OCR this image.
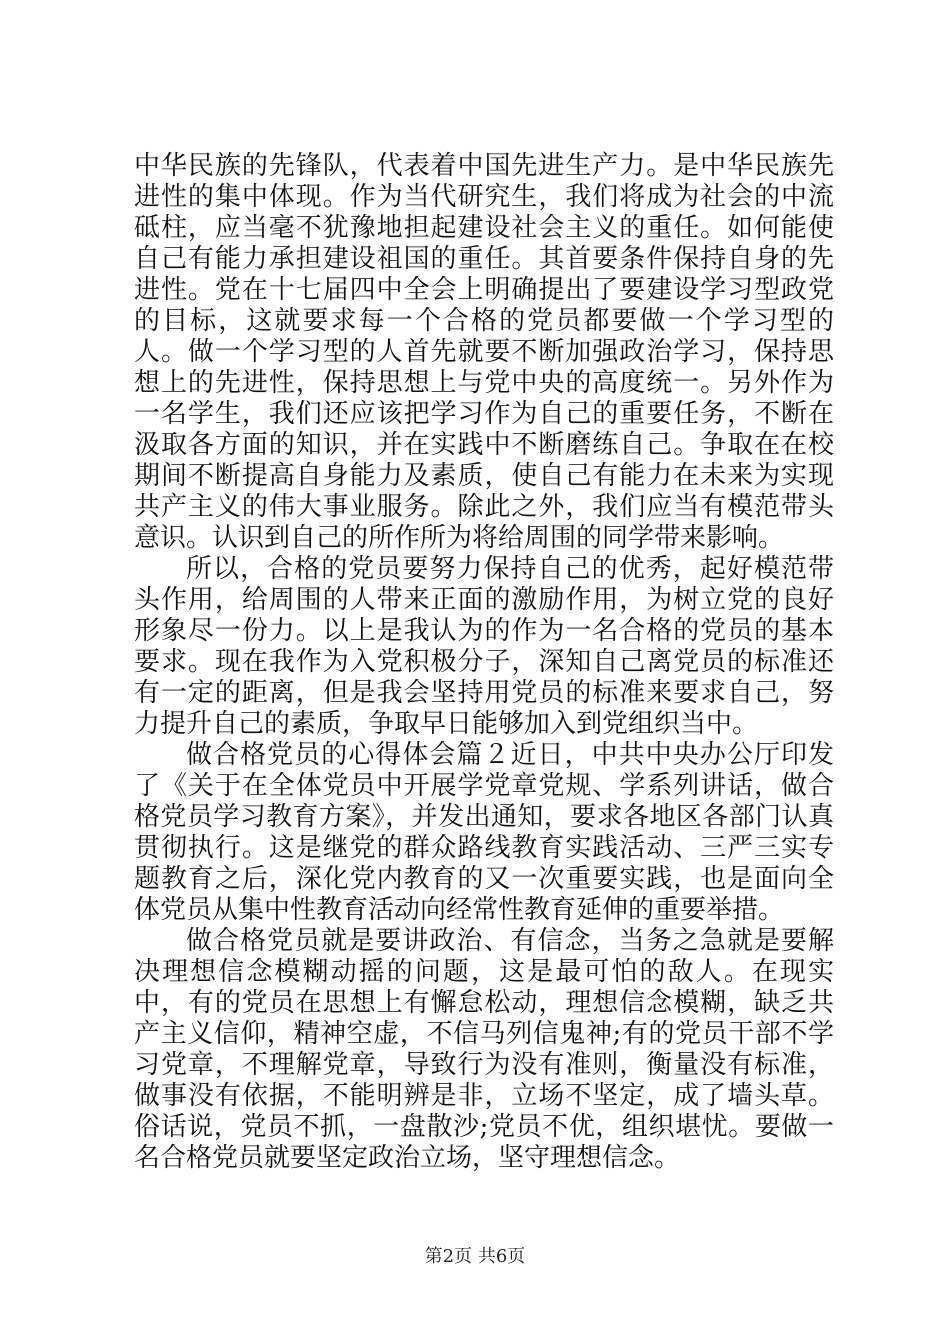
中华民族的先锋队，代表着中国先进生产力。是中华民族先进性的集中体现。作为当代研究生，我们将成为社会的中流砥柱，应当毫不犹豫地担起建设社会主义的重任。如何能使自己有能力承担建设祖国的重任。其首要条件保持自身的先进性。党在十七届四中全会上明确提出了要建设学习型政党的目标，这就要求每一个合格的党员都要做一个学习型的人。做一个学习型的人首先就要不断加强政治学习，保持思想上的先进性，保持思想上与党中央的高度统一。另外作为一名学生，我们还应该把学习作为自己的重要任务，不断在汲取各方面的知识，并在实践中不断磨练自己。争取在在校期间不断提高自身能力及素质，使自己有能力在未来为实现共产主义的伟大事业服务。除此之外，我们应当有模范带头意识。认识到自己的所作所为将给周围的同学带来影响。

所以，合格的党员要努力保持自己的优秀，起好模范带头作用，给周围的人带来正面的激励作用，为树立党的良好形象尽一份力。以上是我认为的作为一名合格的党员的基本要求。现在我作为入党积极分子，深知自己离党员的标准还有一定的距离，但是我会坚持用党员的标准来要求自己，努力提升自己的素质，争取早日能够加入到党组织当中。

做合格党员的心得体会篇２近日，中共中央办公厅印发了《关于在全体党员中开展学党章党规、学系列讲话，做合格党员学习教育方案》，并发出通知，要求各地区各部门认真贯彻执行。这是继党的群众路线教育实践活动、三严三实专题教育之后，深化党内教育的又一次重要实践，也是面向全体党员从集中性教育活动向经常性教育延伸的重要举措。

做合格党员就是要讲政治、有信念，当务之急就是要解决理想信念模糊动摇的问题，这是最可怕的敌人。在现实中，有的党员在思想上有懈怠松动，理想信念模糊，缺乏共产主义信仰，精神空虚，不信马列信鬼神;有的党员干部不学习党章，不理解党章，导致行为没有准则，衡量没有标准，做事没有依据，不能明辨是非，立场不坚定，成了墙头草。俗话说，党员不抓，一盘散沙;党员不优，组织堪忧。要做一名合格党员就要坚定政治立场，坚守理想信念。

第2页 共6页
